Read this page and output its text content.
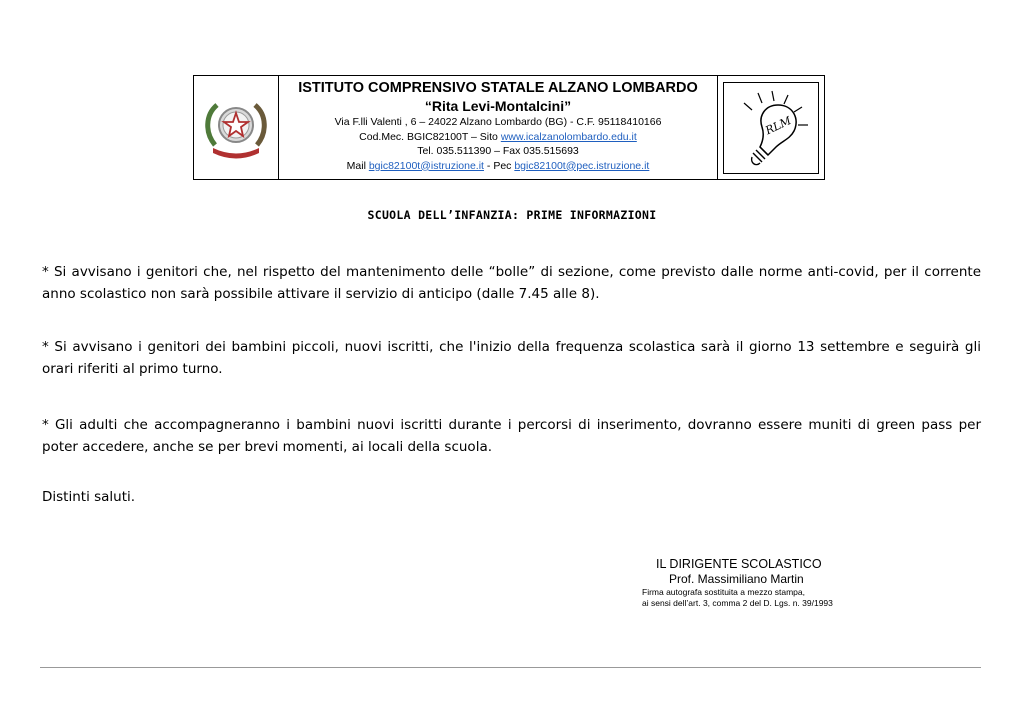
ISTITUTO COMPRENSIVO STATALE ALZANO LOMBARDO
“Rita Levi-Montalcini”
Via F.lli Valenti , 6 – 24022 Alzano Lombardo (BG) - C.F. 95118410166
Cod.Mec. BGIC82100T – Sito www.icalzanolombardo.edu.it
Tel. 035.511390 – Fax 035.515693
Mail bgic82100t@istruzione.it - Pec bgic82100t@pec.istruzione.it
RLM
SCUOLA DELL’INFANZIA: PRIME INFORMAZIONI
* Si avvisano i genitori che, nel rispetto del mantenimento delle “bolle” di sezione, come previsto dalle norme anti-covid, per il corrente anno scolastico non sarà possibile attivare il servizio di anticipo (dalle 7.45 alle 8).
* Si avvisano i genitori dei bambini piccoli, nuovi iscritti, che l'inizio della frequenza scolastica sarà il giorno 13 settembre e seguirà gli orari riferiti al primo turno.
* Gli adulti che accompagneranno i bambini nuovi iscritti durante i percorsi di inserimento, dovranno essere muniti di green pass per poter accedere, anche se per brevi momenti, ai locali della scuola.
Distinti saluti.
IL DIRIGENTE SCOLASTICO
Prof. Massimiliano Martin
Firma autografa sostituita a mezzo stampa,
ai sensi dell’art. 3, comma 2 del D. Lgs. n. 39/1993
